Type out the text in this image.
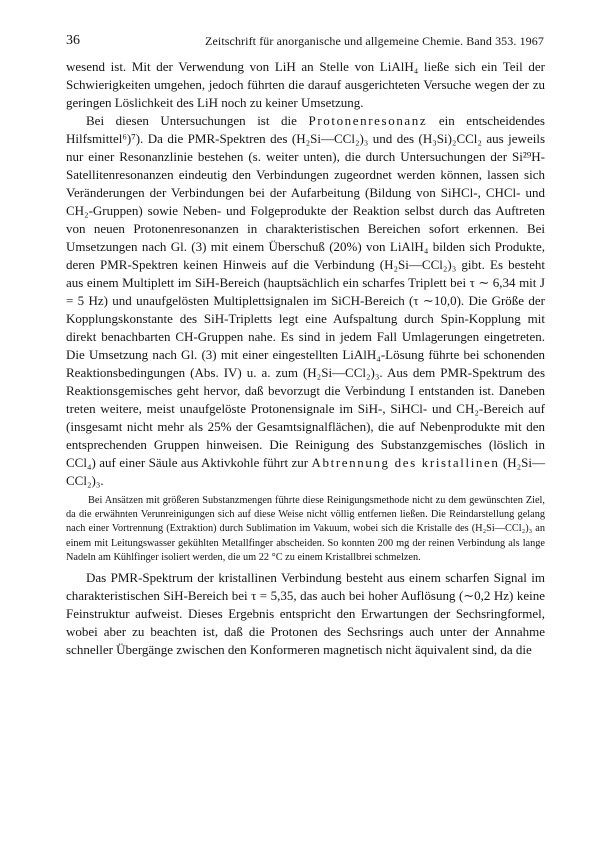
36	Zeitschrift für anorganische und allgemeine Chemie. Band 353. 1967

wesend ist. Mit der Verwendung von LiH an Stelle von LiAlH₄ ließe sich ein Teil der Schwierigkeiten umgehen, jedoch führten die darauf ausgerichteten Versuche wegen der zu geringen Löslichkeit des LiH noch zu keiner Umsetzung.

Bei diesen Untersuchungen ist die Protonenresonanz ein entscheidendes Hilfsmittel⁶)⁷). Da die PMR-Spektren des (H₂Si—CCl₂)₃ und des (H₃Si)₂CCl₂ aus jeweils nur einer Resonanzlinie bestehen (s. weiter unten), die durch Untersuchungen der Si²⁹H-Satellitenresonanzen eindeutig den Verbindungen zugeordnet werden können, lassen sich Veränderungen der Verbindungen bei der Aufarbeitung (Bildung von SiHCl-, CHCl- und CH₂-Gruppen) sowie Neben- und Folgeprodukte der Reaktion selbst durch das Auftreten von neuen Protonenresonanzen in charakteristischen Bereichen sofort erkennen. Bei Umsetzungen nach Gl. (3) mit einem Überschuß (20%) von LiAlH₄ bilden sich Produkte, deren PMR-Spektren keinen Hinweis auf die Verbindung (H₂Si—CCl₂)₃ gibt. Es besteht aus einem Multiplett im SiH-Bereich (hauptsächlich ein scharfes Triplett bei τ ∼ 6,34 mit J = 5 Hz) und unaufgelösten Multiplettsignalen im SiCH-Bereich (τ ∼10,0). Die Größe der Kopplungskonstante des SiH-Tripletts legt eine Aufspaltung durch Spin-Kopplung mit direkt benachbarten CH-Gruppen nahe. Es sind in jedem Fall Umlagerungen eingetreten. Die Umsetzung nach Gl. (3) mit einer eingestellten LiAlH₄-Lösung führte bei schonenden Reaktionsbedingungen (Abs. IV) u. a. zum (H₂Si—CCl₂)₃. Aus dem PMR-Spektrum des Reaktionsgemisches geht hervor, daß bevorzugt die Verbindung I entstanden ist. Daneben treten weitere, meist unaufgelöste Protonensignale im SiH-, SiHCl- und CH₂-Bereich auf (insgesamt nicht mehr als 25% der Gesamtsignalflächen), die auf Nebenprodukte mit den entsprechenden Gruppen hinweisen. Die Reinigung des Substanzgemisches (löslich in CCl₄) auf einer Säule aus Aktivkohle führt zur Abtrennung des kristallinen (H₂Si—CCl₂)₃.

Bei Ansätzen mit größeren Substanzmengen führte diese Reinigungsmethode nicht zu dem gewünschten Ziel, da die erwähnten Verunreinigungen sich auf diese Weise nicht völlig entfernen ließen. Die Reindarstellung gelang nach einer Vortrennung (Extraktion) durch Sublimation im Vakuum, wobei sich die Kristalle des (H₂Si—CCl₂)₃ an einem mit Leitungswasser gekühlten Metallfinger abscheiden. So konnten 200 mg der reinen Verbindung als lange Nadeln am Kühlfinger isoliert werden, die um 22 °C zu einem Kristallbrei schmelzen.

Das PMR-Spektrum der kristallinen Verbindung besteht aus einem scharfen Signal im charakteristischen SiH-Bereich bei τ = 5,35, das auch bei hoher Auflösung (∼0,2 Hz) keine Feinstruktur aufweist. Dieses Ergebnis entspricht den Erwartungen der Sechsringformel, wobei aber zu beachten ist, daß die Protonen des Sechsrings auch unter der Annahme schneller Übergänge zwischen den Konformeren magnetisch nicht äquivalent sind, da die
